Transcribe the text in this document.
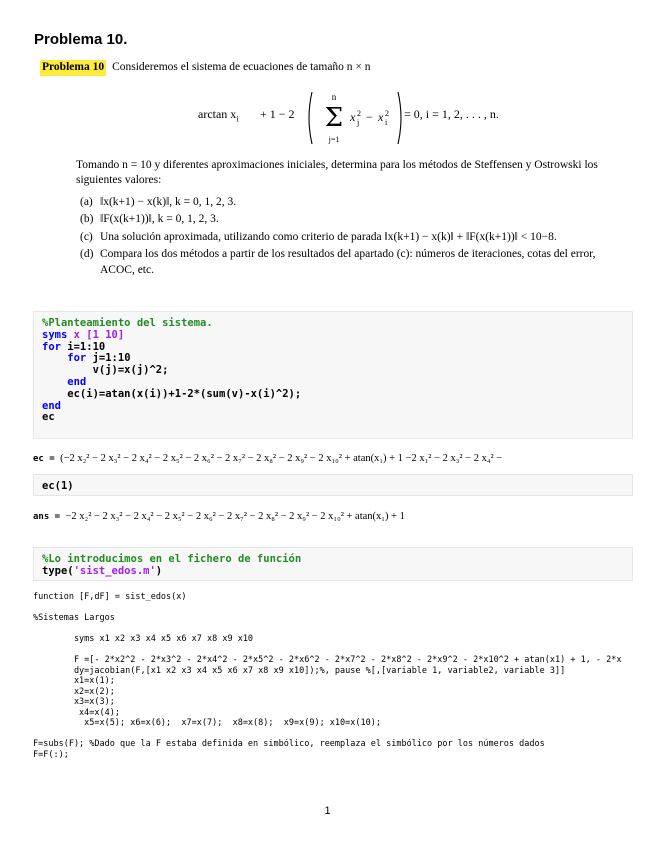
Problema 10.
Problema 10 Consideremos el sistema de ecuaciones de tamaño n × n
$\arctan x_i + 1 - 2$
n
Σ
j=1
x 2
j − x 2
i
= 0, i = 1, 2, . . . , n.
Tomando n = 10 y diferentes aproximaciones iniciales, determina para los métodos de Steffensen y Ostrowski los siguientes valores:
(a) ‖x(k+1) − x(k)‖, k = 0, 1, 2, 3.
(b) ‖F(x(k+1))‖, k = 0, 1, 2, 3.
(c) Una solución aproximada, utilizando como criterio de parada ‖x(k+1) − x(k)‖ + ‖F(x(k+1))‖ < 10−8.
(d) Compara los dos métodos a partir de los resultados del apartado (c): números de iteraciones, cotas del error, ACOC, etc.
%Planteamiento del sistema.
syms x [1 10]
for i=1:10
for j=1:10
v(j)=x(j)^2;
end
ec(i)=atan(x(i))+1-2*(sum(v)-x(i)^2);
end
ec
ec = (−2 x₂² − 2 x₃² − 2 x₄² − 2 x₅² − 2 x₆² − 2 x₇² − 2 x₈² − 2 x₉² − 2 x₁₀² + atan(x₁) + 1 −2 x₁² − 2 x₃² − 2 x₄² −
ec(1)
ans = −2 x₂² − 2 x₃² − 2 x₄² − 2 x₅² − 2 x₆² − 2 x₇² − 2 x₈² − 2 x₉² − 2 x₁₀² + atan(x₁) + 1
%Lo introducimos en el fichero de función
type('sist_edos.m')
function [F,dF] = sist_edos(x)

%Sistemas Largos

syms x1 x2 x3 x4 x5 x6 x7 x8 x9 x10

F =[- 2*x2^2 - 2*x3^2 - 2*x4^2 - 2*x5^2 - 2*x6^2 - 2*x7^2 - 2*x8^2 - 2*x9^2 - 2*x10^2 + atan(x1) + 1, - 2*x
dy=jacobian(F,[x1 x2 x3 x4 x5 x6 x7 x8 x9 x10]);%, pause %[,[variable 1, variable2, variable 3]]
x1=x(1);
x2=x(2);
x3=x(3);
x4=x(4);
x5=x(5); x6=x(6);  x7=x(7);  x8=x(8);  x9=x(9); x10=x(10);

F=subs(F); %Dado que la F estaba definida en simbólico, reemplaza el simbólico por los números dados
F=F(:);
1
